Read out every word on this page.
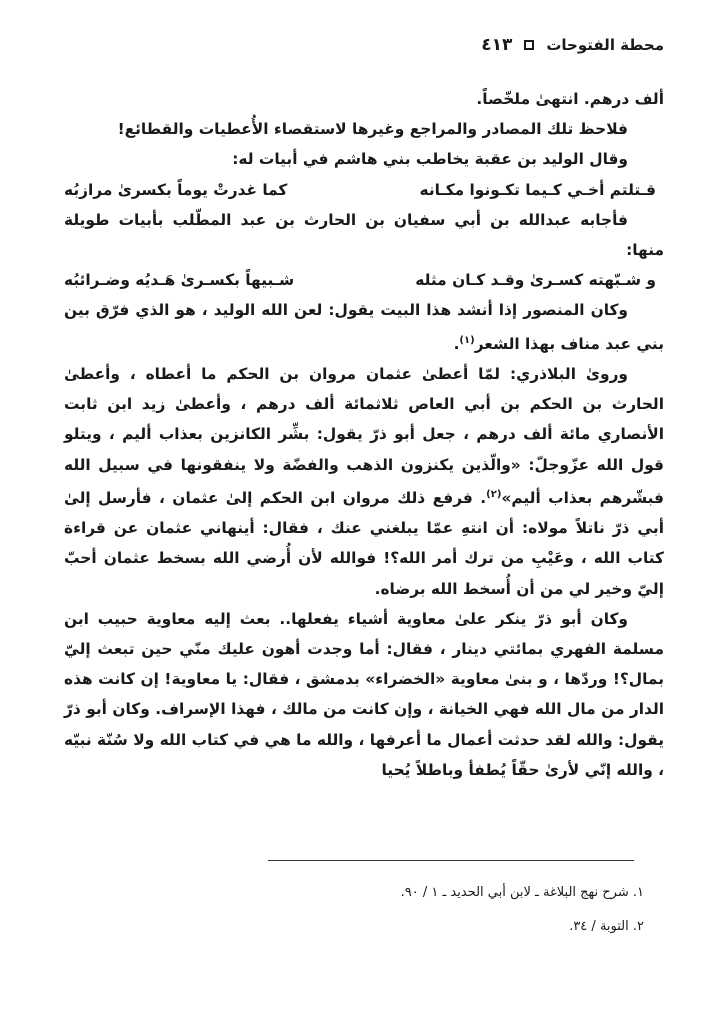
٤١٣ محطة الفتوحات

ألف درهم. انتهىٰ ملخّصاً.

فلاحظ تلك المصادر والمراجع وغيرها لاستقصاء الأُعطيات والقطائع!

وقال الوليد بن عقبة يخاطب بني هاشم في أبيات له:

قـتلتم أخـي كـيما تكـونوا مكـانه
كما غدرتْ يوماً بكسرىٰ مرازبُه

فأجابه عبدالله بن أبي سفيان بن الحارث بن عبد المطّلب بأبيات طويلة منها:

و شـبّهته كسـرىٰ وقـد كـان مثله
شـبيهاً بكسـرىٰ هَـديُه وضـرائبُه

وكان المنصور إذا أنشد هذا البيت يقول: لعن الله الوليد ، هو الذي فرّق بين بني عبد مناف بهذا الشعر$^{(١)}$.

وروىٰ البلاذري: لمّا أعطىٰ عثمان مروان بن الحكم ما أعطاه ، وأعطىٰ الحارث بن الحكم بن أبي العاص ثلاثمائة ألف درهم ، وأعطىٰ زيد ابن ثابت الأنصاري مائة ألف درهم ، جعل أبو ذرّ يقول: بشِّر الكانزين بعذاب أليم ، ويتلو قول الله عزّوجلّ: «والّذين يكنزون الذهب والفضّة ولا ينفقونها في سبيل الله فبشّرهم بعذاب أليم»$^{(٢)}$. فرفع ذلك مروان ابن الحكم إلىٰ عثمان ، فأرسل إلىٰ أبي ذرّ ناتلاً مولاه: أن انتهِ عمّا يبلغني عنك ، فقال: أينهاني عثمان عن قراءة كتاب الله ، وعَيْبِ من ترك أمر الله؟! فوالله لأن أُرضي الله بسخط عثمان أحبّ إليّ وخير لي من أن أُسخط الله برضاه.

وكان أبو ذرّ ينكر علىٰ معاوية أشياء يفعلها.. بعث إليه معاوية حبيب ابن مسلمة الفهري بمائتي دينار ، فقال: أما وجدت أهون عليك منّي حين تبعث إليّ بمال؟! وردّها ، و بنىٰ معاوية «الخضراء» بدمشق ، فقال: يا معاوية! إن كانت هذه الدار من مال الله فهي الخيانة ، وإن كانت من مالك ، فهذا الإسراف. وكان أبو ذرّ يقول: والله لقد حدثت أعمال ما أعرفها ، والله ما هي في كتاب الله ولا سُنّة نبيّه ، والله إنّي لأرىٰ حقّاً يُطفأ وباطلاً يُحيا

١. شرح نهج البلاغة ـ لابن أبي الحديد ـ ١ / ٩٠.

٢. التوبة / ٣٤.
